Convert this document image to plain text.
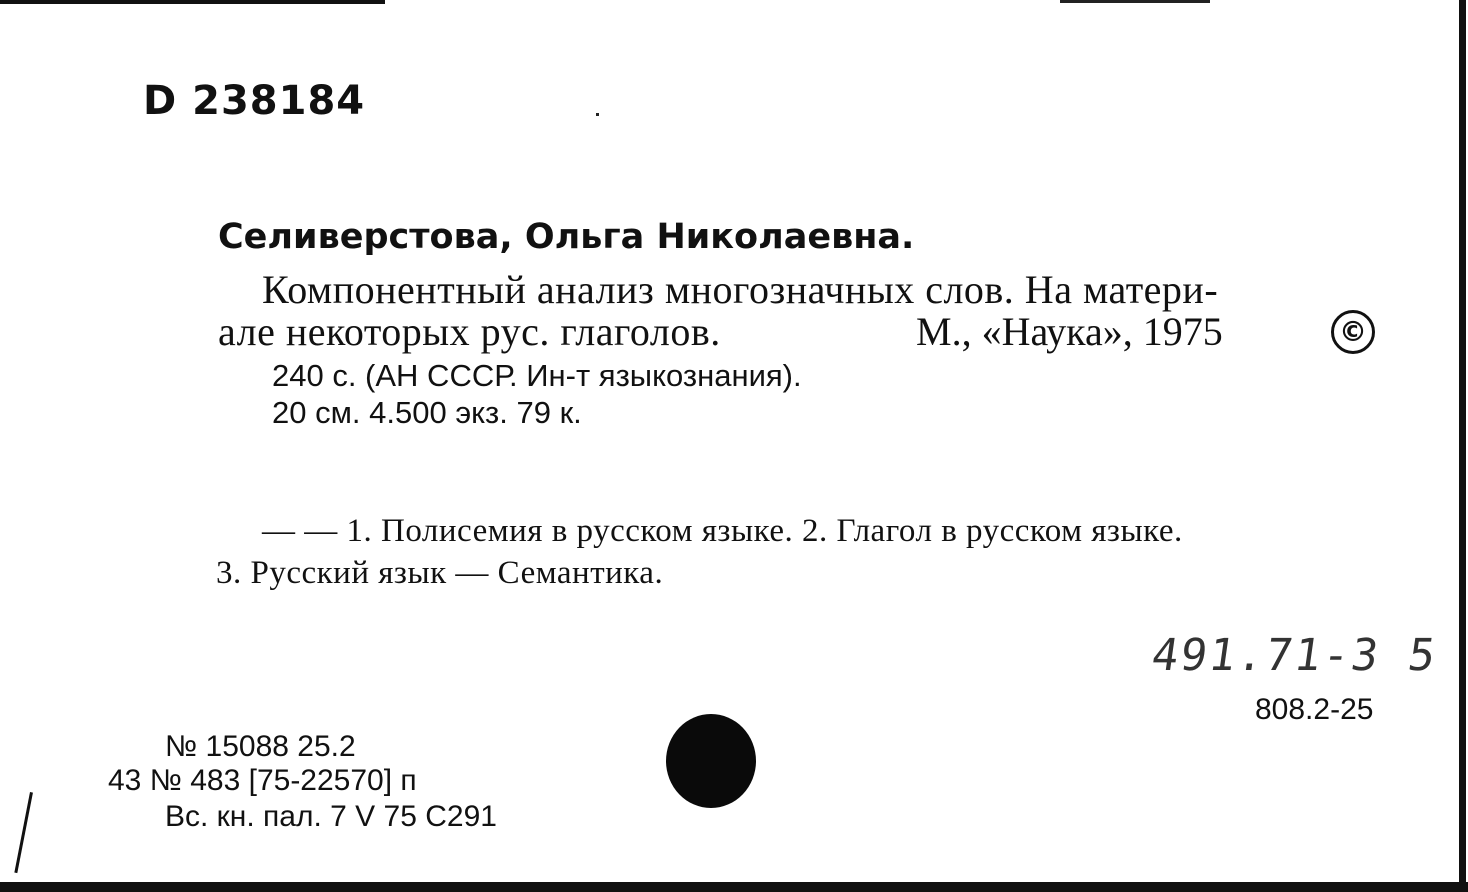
D 238184
Селиверстова, Ольга Николаевна.
Компонентный анализ многозначных слов. На матери-
але некоторых рус. глаголов.	М., «Наука», 1975	©
240 с. (АН СССР. Ин-т языкознания).
20 см. 4.500 экз. 79 к.
— — 1. Полисемия в русском языке. 2. Глагол в русском языке.
3. Русский язык — Семантика.
491.71-3 5
808.2-25
№ 15088 25.2
43 № 483 [75-22570] п
Вс. кн. пал. 7 V 75 C291
